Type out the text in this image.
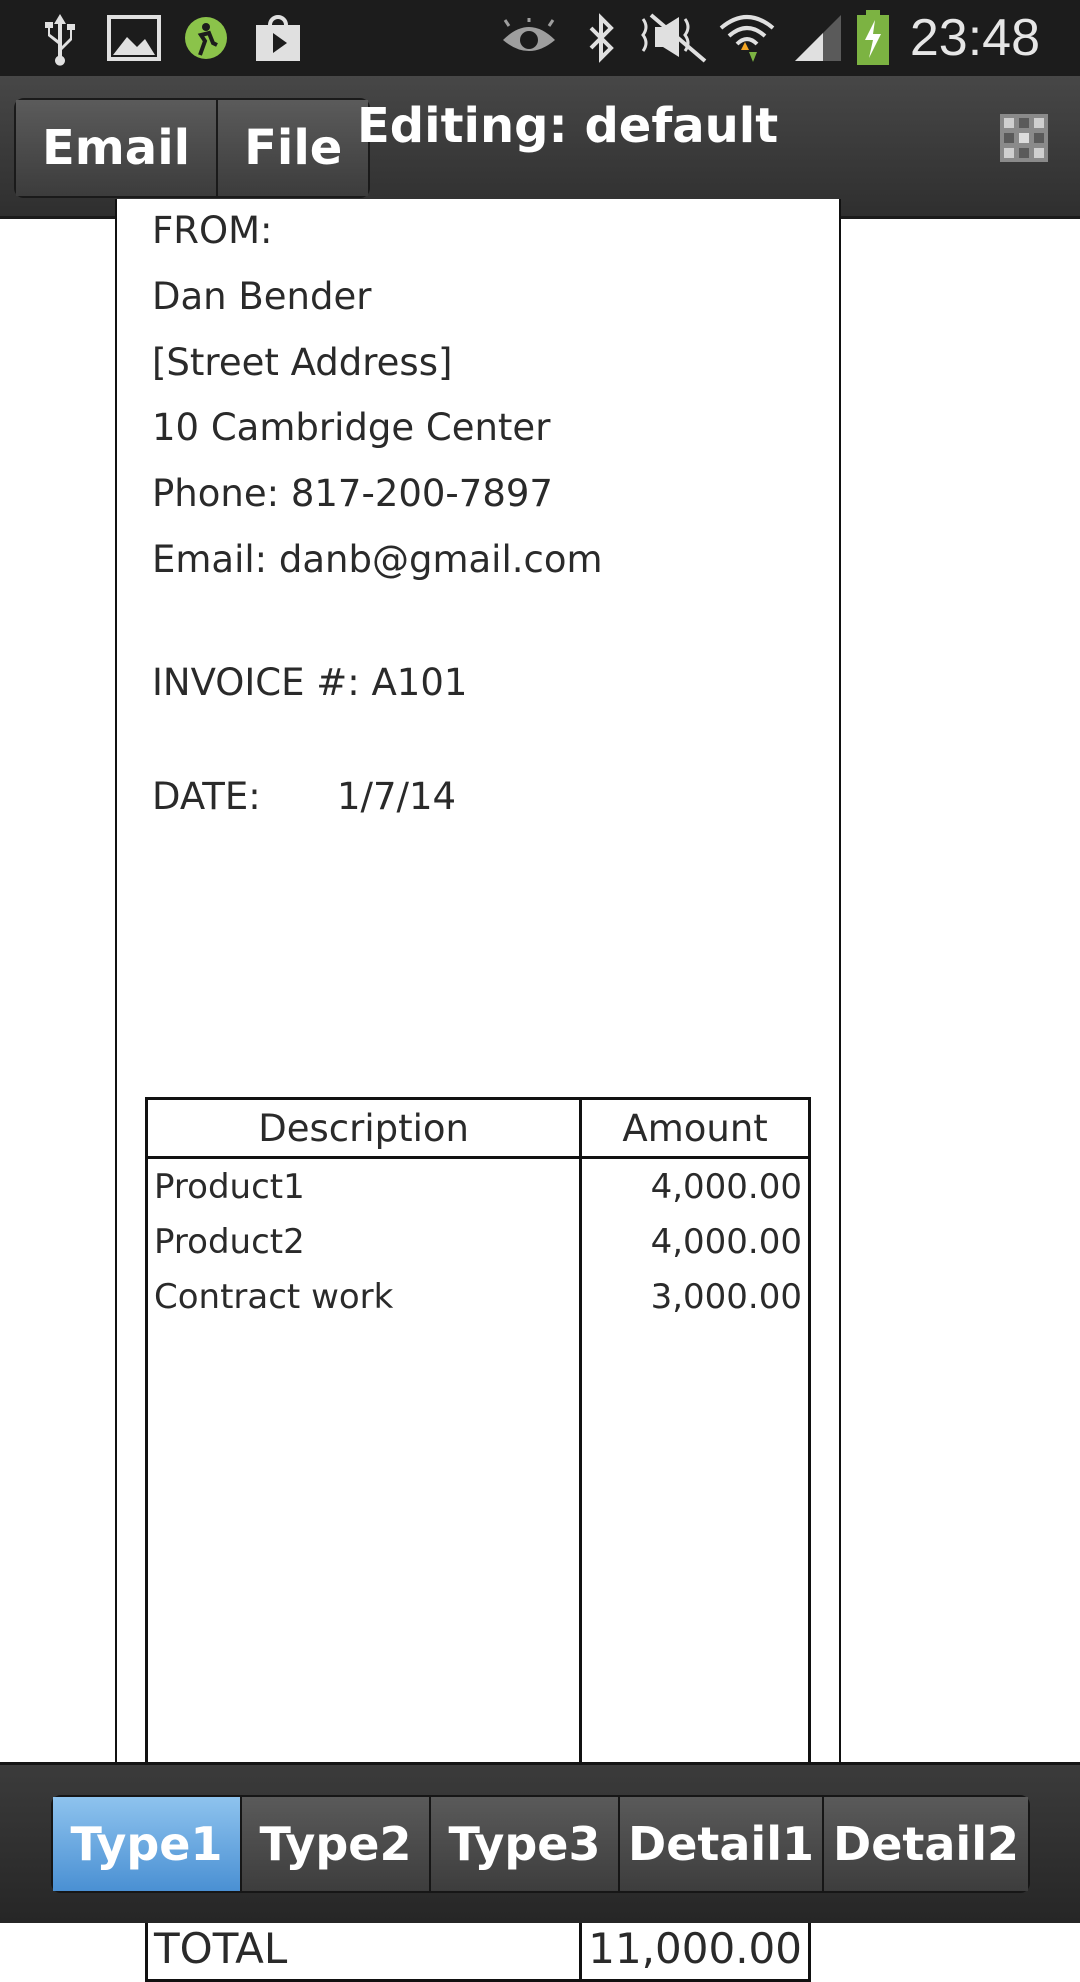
23:48
Email	File Editing: default
FROM:
Dan Bender
[Street Address]
10 Cambridge Center
Phone: 817-200-7897
Email: danb@gmail.com
INVOICE #: A101
DATE: 1/7/14
Description	Amount
Product1	4,000.00
Product2	4,000.00
Contract work	3,000.00

TOTAL	11,000.00
Type1 Type2 Type3 Detail1 Detail2
